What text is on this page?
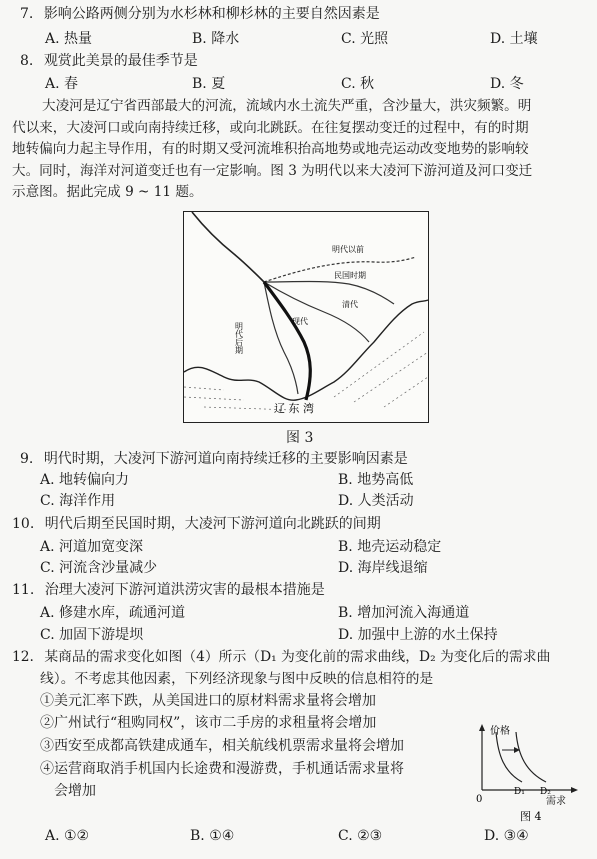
7. 影响公路两侧分别为水杉林和柳杉林的主要自然因素是
A. 热量	B. 降水	C. 光照	D. 土壤
8. 观赏此美景的最佳季节是
A. 春	B. 夏	C. 秋	D. 冬
大凌河是辽宁省西部最大的河流，流域内水土流失严重，含沙量大，洪灾频繁。明
代以来，大凌河口或向南持续迁移，或向北跳跃。在往复摆动变迁的过程中，有的时期
地转偏向力起主导作用，有的时期又受河流堆积抬高地势或地壳运动改变地势的影响较
大。同时，海洋对河道变迁也有一定影响。图 3 为明代以来大凌河下游河道及河口变迁
示意图。据此完成 9 ~ 11 题。
明代以前
民国时期
清代
现代
明代后期
辽 东 湾
图 3
9. 明代时期，大凌河下游河道向南持续迁移的主要影响因素是
A. 地转偏向力	B. 地势高低
C. 海洋作用	D. 人类活动
10. 明代后期至民国时期，大凌河下游河道向北跳跃的间期
A. 河道加宽变深	B. 地壳运动稳定
C. 河流含沙量减少	D. 海岸线退缩
11. 治理大凌河下游河道洪涝灾害的最根本措施是
A. 修建水库，疏通河道	B. 增加河流入海通道
C. 加固下游堤坝	D. 加强中上游的水土保持
12. 某商品的需求变化如图（4）所示（D₁ 为变化前的需求曲线，D₂ 为变化后的需求曲
线）。不考虑其他因素，下列经济现象与图中反映的信息相符的是
①美元汇率下跌，从美国进口的原材料需求量将会增加
②广州试行“租购同权”，该市二手房的求租量将会增加
③西安至成都高铁建成通车，相关航线机票需求量将会增加
④运营商取消手机国内长途费和漫游费，手机通话需求量将
会增加
价格
0
D₁ D₂
需求
图 4
A. ①②	B. ①④	C. ②③	D. ③④
